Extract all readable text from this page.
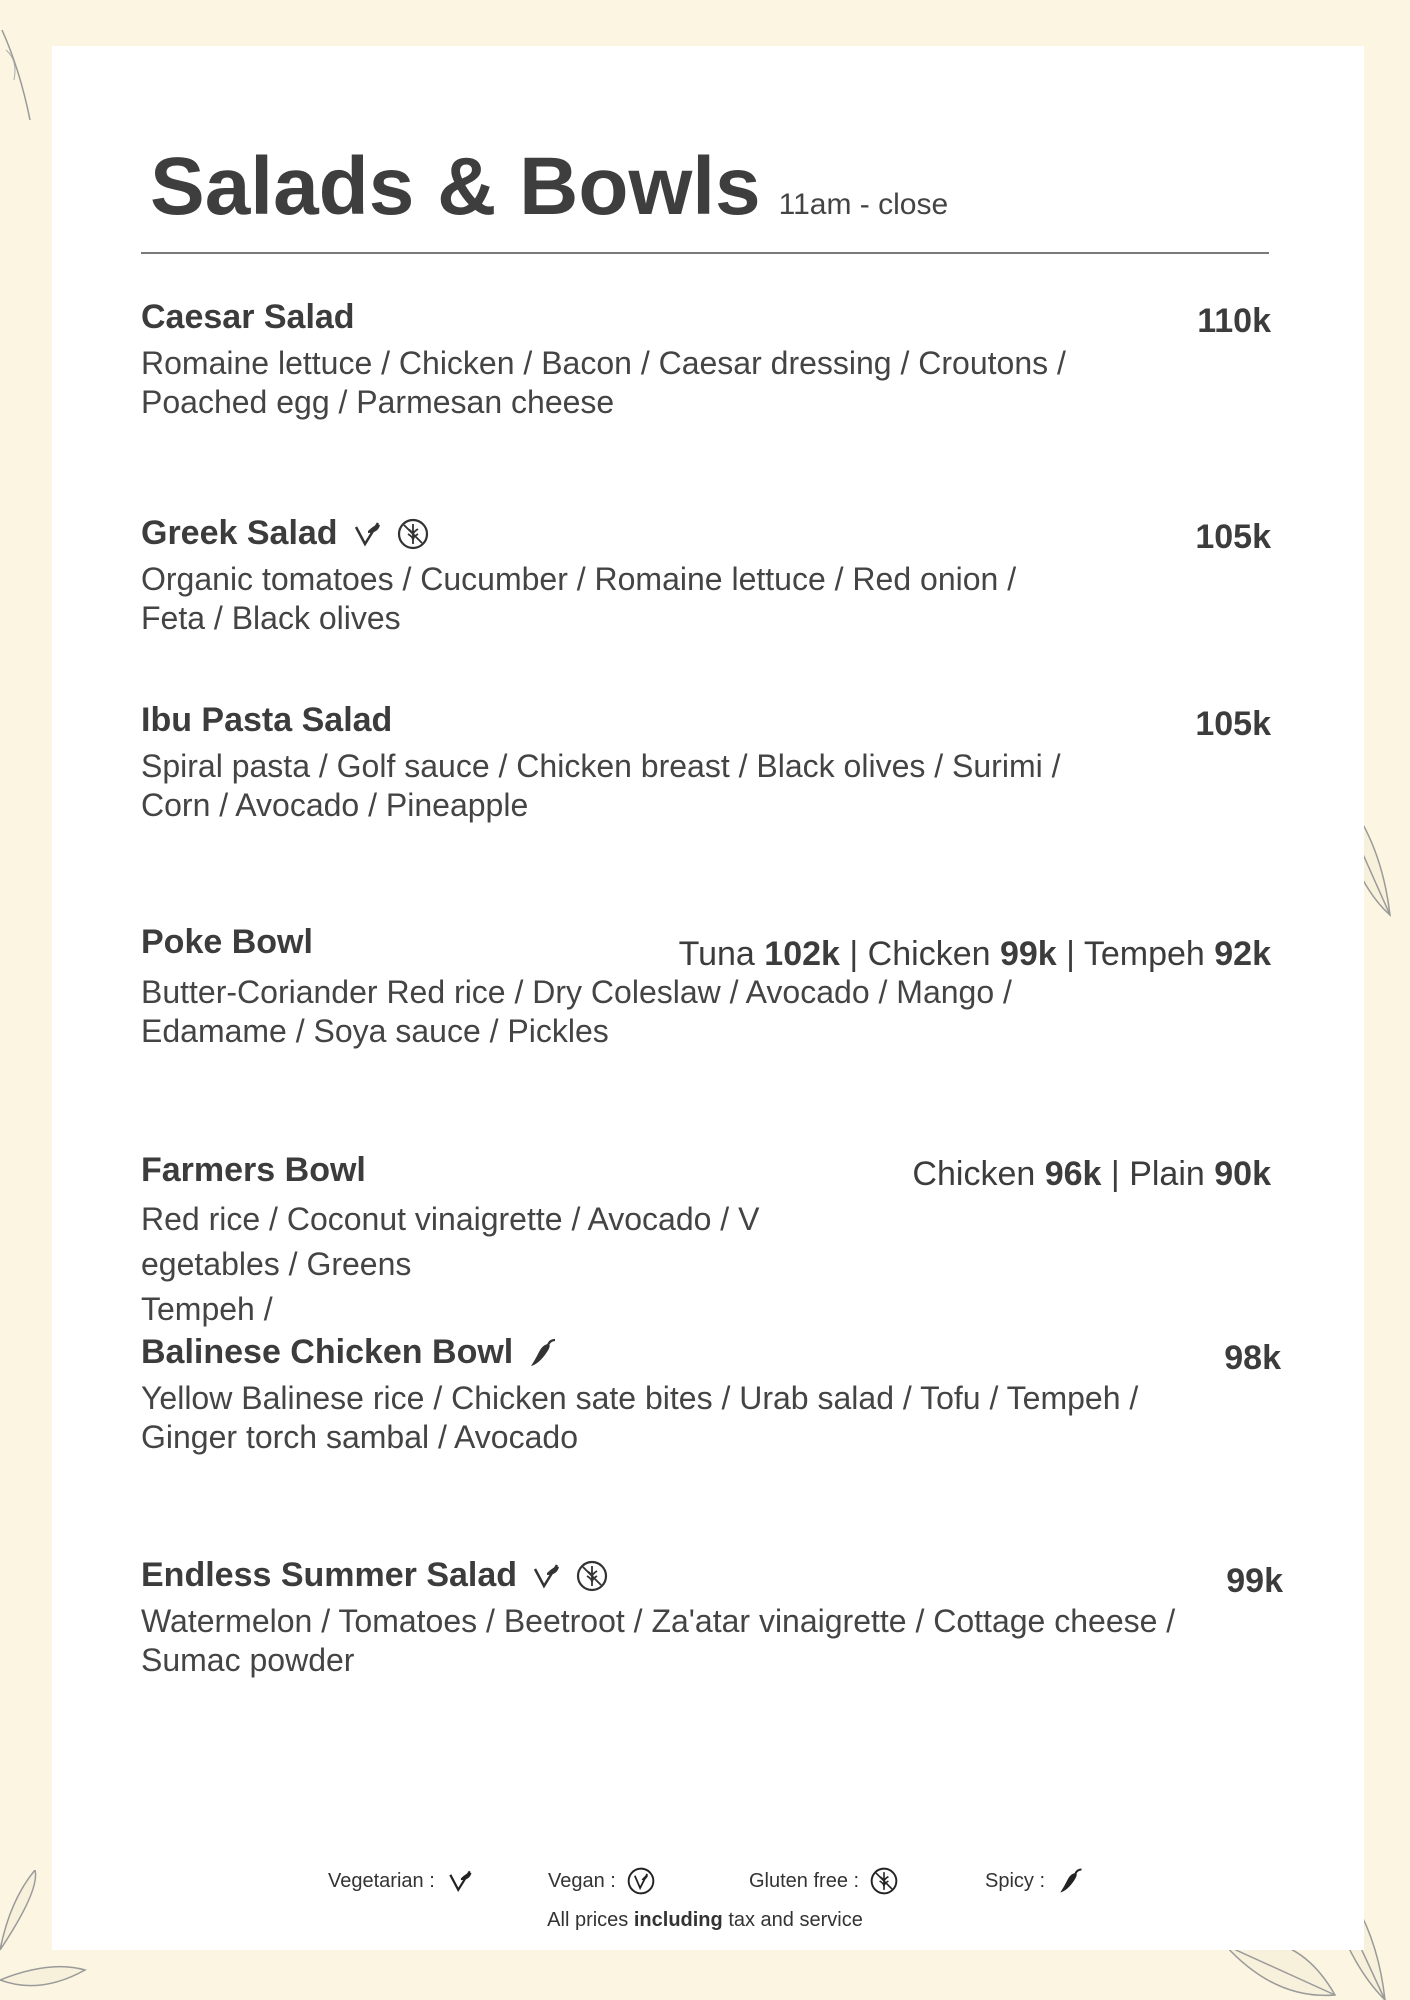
Salads & Bowls 11am - close
Caesar Salad	110k
Romaine lettuce / Chicken / Bacon / Caesar dressing / Croutons /
Poached egg / Parmesan cheese
Greek Salad	105k
Organic tomatoes / Cucumber / Romaine lettuce / Red onion /
Feta / Black olives
Ibu Pasta Salad	105k
Spiral pasta / Golf sauce / Chicken breast / Black olives / Surimi /
Corn / Avocado / Pineapple
Poke Bowl	Tuna 102k | Chicken 99k | Tempeh 92k
Butter-Coriander Red rice / Dry Coleslaw / Avocado / Mango /
Edamame / Soya sauce / Pickles
Farmers Bowl	Chicken 96k | Plain 90k
Red rice / Coconut vinaigrette / Avocado / V
egetables / Greens
Tempeh /
Balinese Chicken Bowl	98k
Yellow Balinese rice / Chicken sate bites / Urab salad / Tofu / Tempeh /
Ginger torch sambal / Avocado
Endless Summer Salad	99k
Watermelon / Tomatoes / Beetroot / Za'atar vinaigrette / Cottage cheese /
Sumac powder
Vegetarian :	Vegan :	Gluten free :	Spicy :
All prices including tax and service
